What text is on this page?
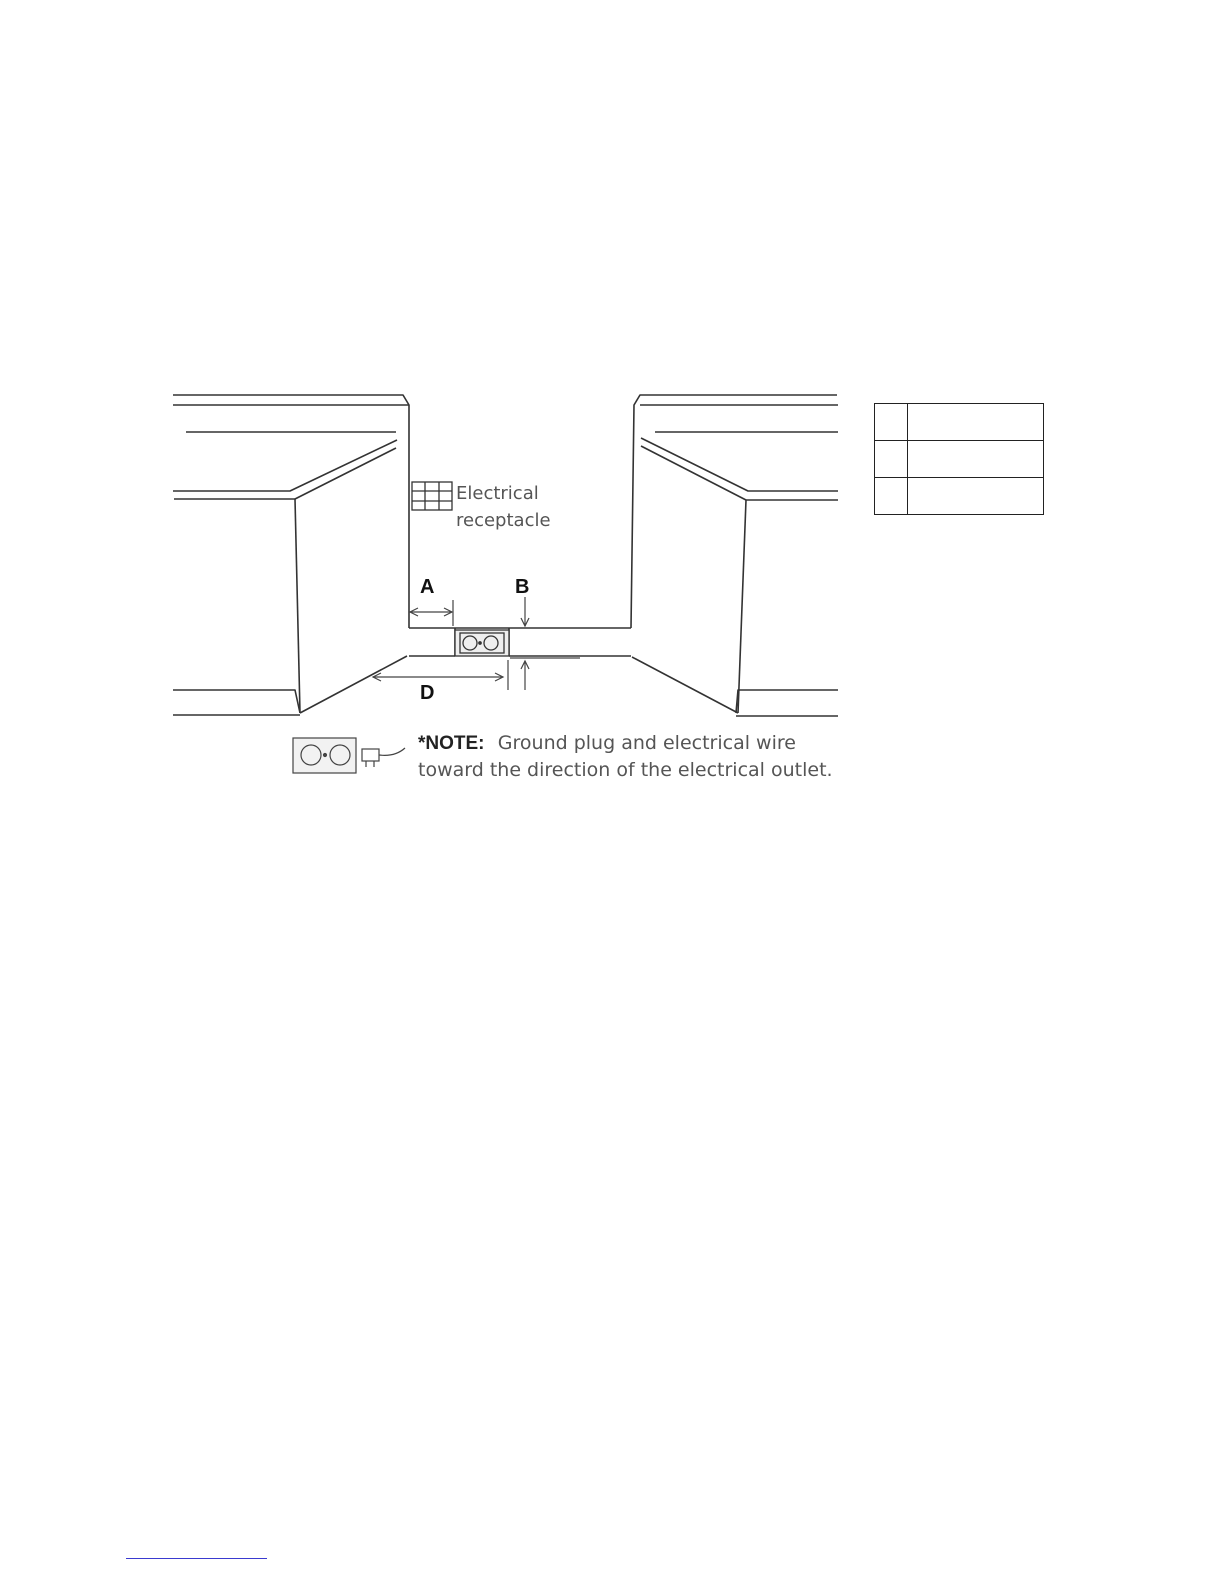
Electrical
receptacle
A	B
D
*NOTE: Ground plug and electrical wire
toward the direction of the electrical outlet.
